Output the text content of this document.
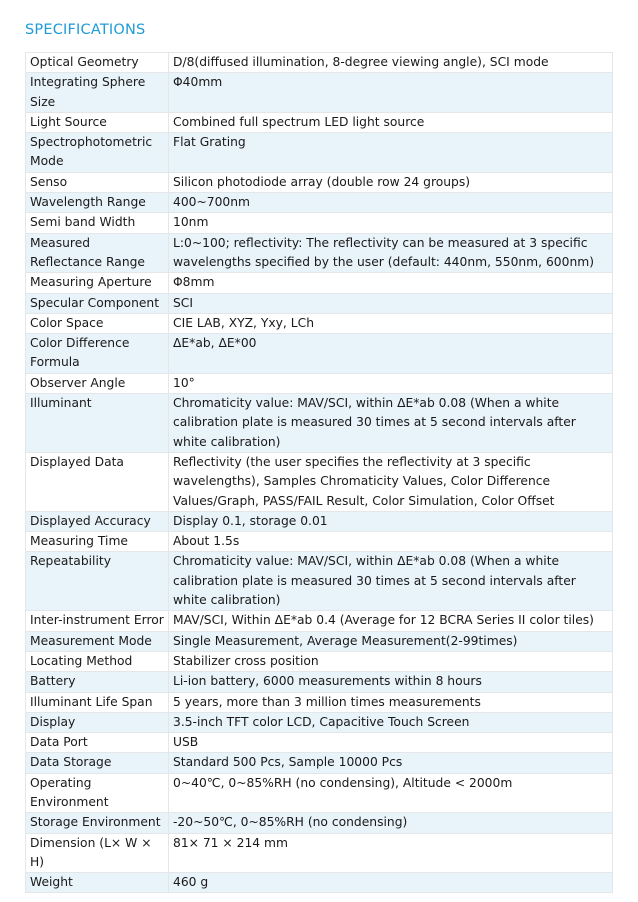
SPECIFICATIONS
Optical Geometry	D/8(diffused illumination, 8-degree viewing angle), SCI mode
Integrating Sphere Size	Φ40mm
Light Source	Combined full spectrum LED light source
Spectrophotometric Mode	Flat Grating
Senso	Silicon photodiode array (double row 24 groups)
Wavelength Range	400~700nm
Semi band Width	10nm
Measured Reflectance Range	L:0~100; reflectivity: The reflectivity can be measured at 3 specific wavelengths specified by the user (default: 440nm, 550nm, 600nm)
Measuring Aperture	Φ8mm
Specular Component	SCI
Color Space	CIE LAB, XYZ, Yxy, LCh
Color Difference Formula	ΔE*ab, ΔE*00
Observer Angle	10°
Illuminant	Chromaticity value: MAV/SCI, within ΔE*ab 0.08 (When a white calibration plate is measured 30 times at 5 second intervals after white calibration)
Displayed Data	Reflectivity (the user specifies the reflectivity at 3 specific wavelengths), Samples Chromaticity Values, Color Difference Values/Graph, PASS/FAIL Result, Color Simulation, Color Offset
Displayed Accuracy	Display 0.1, storage 0.01
Measuring Time	About 1.5s
Repeatability	Chromaticity value: MAV/SCI, within ΔE*ab 0.08 (When a white calibration plate is measured 30 times at 5 second intervals after white calibration)
Inter-instrument Error	MAV/SCI, Within ΔE*ab 0.4 (Average for 12 BCRA Series II color tiles)
Measurement Mode	Single Measurement, Average Measurement(2-99times)
Locating Method	Stabilizer cross position
Battery	Li-ion battery, 6000 measurements within 8 hours
Illuminant Life Span	5 years, more than 3 million times measurements
Display	3.5-inch TFT color LCD, Capacitive Touch Screen
Data Port	USB
Data Storage	Standard 500 Pcs, Sample 10000 Pcs
Operating Environment	0~40℃, 0~85%RH (no condensing), Altitude < 2000m
Storage Environment	-20~50℃, 0~85%RH (no condensing)
Dimension (L× W × H)	81× 71 × 214 mm
Weight	460 g
